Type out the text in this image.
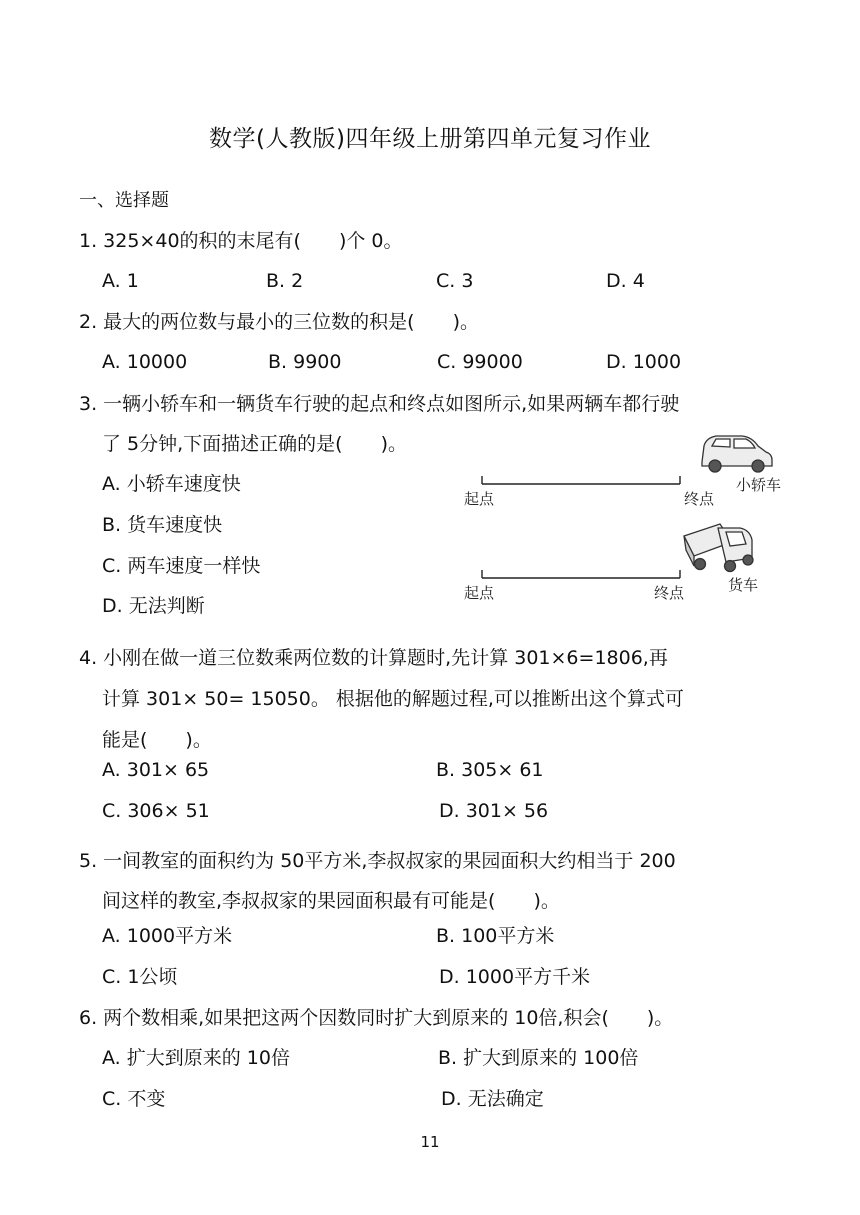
数学(人教版)四年级上册第四单元复习作业
一、选择题
1. 325×40的积的末尾有(　　)个 0。
A. 1	B. 2	C. 3	D. 4
2. 最大的两位数与最小的三位数的积是(　　)。
A. 10000	B. 9900	C. 99000	D. 1000
3. 一辆小轿车和一辆货车行驶的起点和终点如图所示,如果两辆车都行驶
了 5分钟,下面描述正确的是(　　)。
A. 小轿车速度快
B. 货车速度快
C. 两车速度一样快
D. 无法判断
起点	终点
小轿车
起点	终点	货车
4. 小刚在做一道三位数乘两位数的计算题时,先计算 301×6=1806,再
计算 301× 50= 15050。 根据他的解题过程,可以推断出这个算式可
能是(　　)。
A. 301× 65	B. 305× 61
C. 306× 51	D. 301× 56
5. 一间教室的面积约为 50平方米,李叔叔家的果园面积大约相当于 200
间这样的教室,李叔叔家的果园面积最有可能是(　　)。
A. 1000平方米	B. 100平方米
C. 1公顷	D. 1000平方千米
6. 两个数相乘,如果把这两个因数同时扩大到原来的 10倍,积会(　　)。
A. 扩大到原来的 10倍	B. 扩大到原来的 100倍
C. 不变	D. 无法确定
11
